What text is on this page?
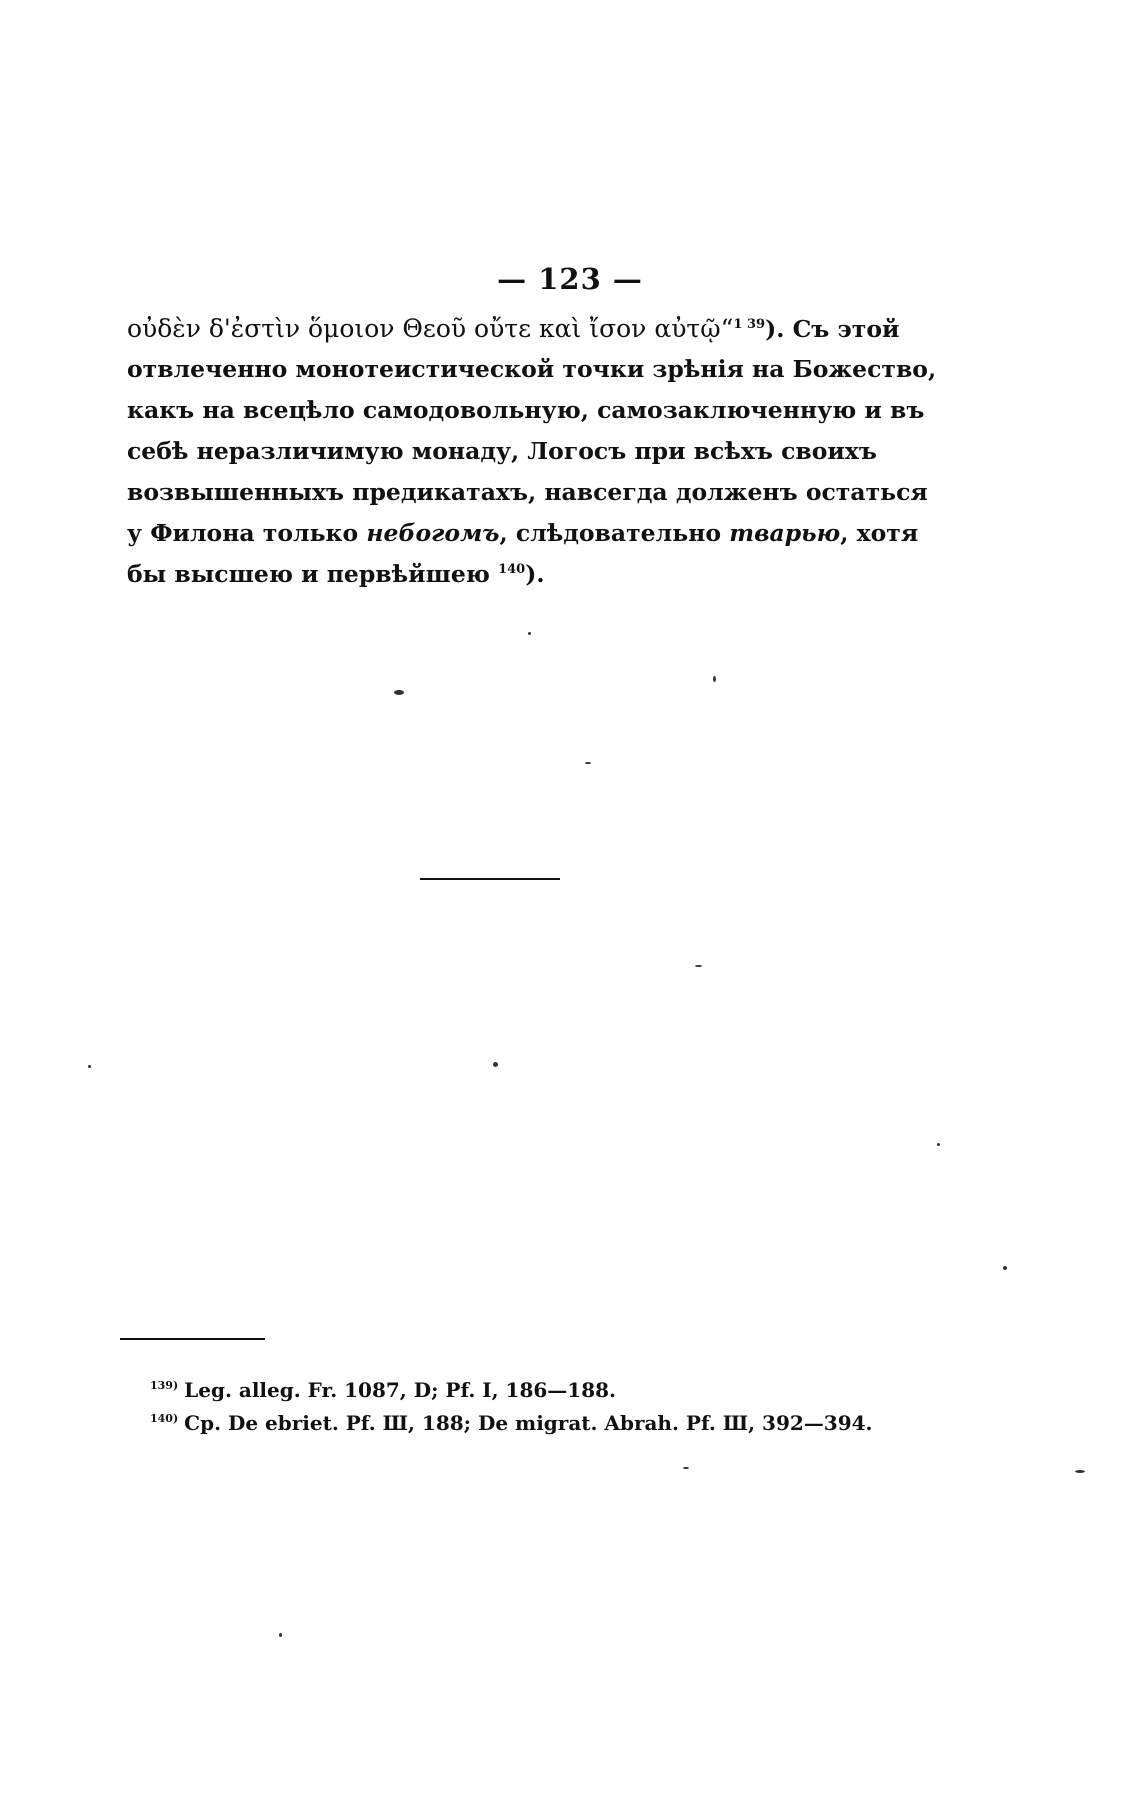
— 123 —
οὐδὲν δ'ἐστὶν ὅμοιον Θεοῦ οὔτε καὶ ἴσον αὐτῷ“$^{1 39}$). Съ этой
отвлеченно монотеистической точки зрѣнія на Божество,
какъ на всецѣло самодовольную, самозаключенную и въ
себѣ неразличимую монаду, Логосъ при всѣхъ своихъ
возвышенныхъ предикатахъ, навсегда долженъ остаться
у Филона только небогомъ, слѣдовательно тварью, хотя
бы высшею и первѣйшею $^{140}$).
$^{139)}$ Leg. alleg. Fr. 1087, D; Pf. I, 186—188.
$^{140)}$ Ср. De ebriet. Pf. Ш, 188; De migrat. Abrah. Pf. Ш, 392—394.
